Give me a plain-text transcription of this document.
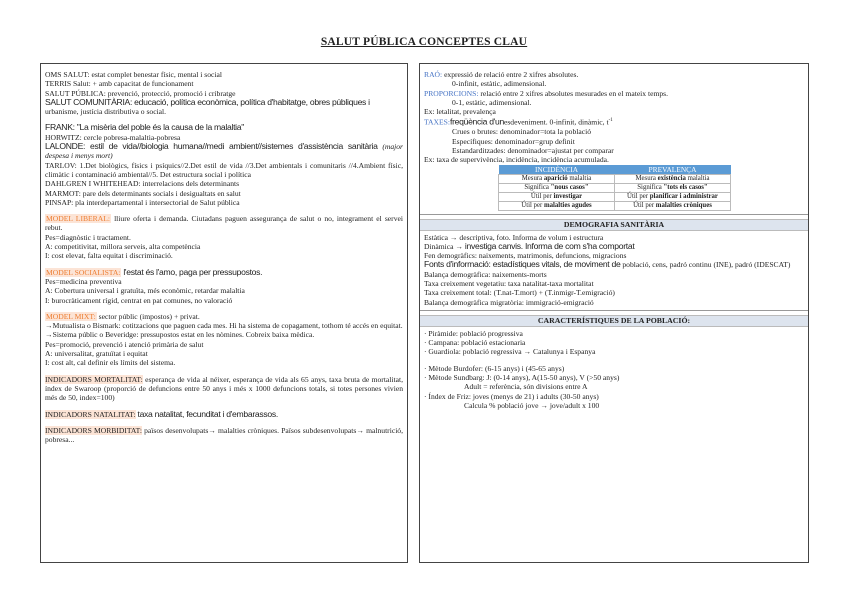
SALUT PÚBLICA CONCEPTES CLAU
OMS SALUT: estat complet benestar físic, mental i social
TERRIS Salut: + amb capacitat de funcionament
SALUT PÚBLICA: prevenció, protecció, promoció i cribratge
SALUT COMUNITÀRIA: educació, política econòmica, política d'habitatge, obres públiques i
urbanisme, justícia distributiva o social.
FRANK: "La misèria del poble és la causa de la malaltia"
HORWITZ: cercle pobresa-malaltia-pobresa
LALONDE: estil de vida//biologia humana//medi ambient//sistemes d'assistència sanitària (major despesa i menys mort)
TARLOV: 1.Det biològics, físics i psíquics//2.Det estil de vida //3.Det ambientals i comunitaris //4.Ambient físic, climàtic i contaminació ambiental//5. Det estructura social i política
DAHLGREN I WHITEHEAD: interrelacions dels determinants
MARMOT: pare dels determinants socials i desigualtats en salut
PINSAP: pla interdepartamental i intersectorial de Salut pública
MODEL LIBERAL: lliure oferta i demanda. Ciutadans paguen assegurança de salut o no, integrament el servei rebut.
Pes=diagnòstic i tractament.
A: competitivitat, millora serveis, alta competència
I: cost elevat, falta equitat i discriminació.
MODEL SOCIALISTA: l'estat és l'amo, paga per pressupostos.
Pes=medicina preventiva
A: Cobertura universal i gratuïta, més econòmic, retardar malaltia
I: burocràticament rígid, centrat en pat comunes, no valoració
MODEL MIXT: sector públic (impostos) + privat.
→Mutualista o Bismark: cotitzacions que paguen cada mes. Hi ha sistema de copagament, tothom té accés en equitat.
→Sistema públic o Beveridge: pressupostos estat en les nòmines. Cobreix baixa mèdica.
Pes=promoció, prevenció i atenció primària de salut
A: universalitat, gratuïtat i equitat
I: cost alt, cal definir els límits del sistema.
INDICADORS MORTALITAT: esperança de vida al néixer, esperança de vida als 65 anys, taxa bruta de mortalitat, índex de Swaroop (proporció de defuncions entre 50 anys i més x 1000 defuncions totals, si totes persones vivien més de 50, index=100)
INDICADORS NATALITAT: taxa natalitat, fecunditat i d'embarassos.
INDICADORS MORBIDITAT: països desenvolupats→ malalties cròniques. Països subdesenvolupats→ malnutrició, pobresa...
RAÓ: expressió de relació entre 2 xifres absolutes.
0-infinit, estàtic, adimensional.
PROPORCIONS: relació entre 2 xifres absolutes mesurades en el mateix temps.
0-1, estàtic, adimensional.
Ex: letalitat, prevalença
TAXES:freqüència d'unesdeveniment. 0-infinit, dinàmic, $t^{-1}$
Crues o brutes: denominador=tota la població
Específiques: denominador=grup definit
Estandarditzades: denominador=ajustat per comparar
Ex: taxa de supervivència, incidència, incidència acumulada.
INCIDÈNCIA	PREVALENÇA
Mesura aparició malaltia	Mesura existència malaltia
Significa "nous casos"	Significa "tots els casos"
Útil per investigar	Útil per planificar i administrar
Útil per malalties agudes	Útil per malalties cròniques
DEMOGRAFIA SANITÀRIA
Estàtica → descriptiva, foto. Informa de volum i estructura
Dinàmica → investiga canvis. Informa de com s'ha comportat
Fen demogràfics: naixements, matrimonis, defuncions, migracions
Fonts d'informació: estadístiques vitals, de moviment de població, cens, padró continu (INE), padró (IDESCAT)
Balança demogràfica: naixements-morts
Taxa creixement vegetatiu: taxa natalitat-taxa mortalitat
Taxa creixement total: (T.nat-T.mort) + (T.inmigr-T.emigració)
Balança demogràfica migratòria: immigració-emigració
CARACTERÍSTIQUES DE LA POBLACIÓ:
· Piràmide: població progressiva
· Campana: població estacionaria
· Guardiola: població regressiva → Catalunya i Espanya
· Mètode Burdofer: (6-15 anys) i (45-65 anys)
· Mètode Sundbarg: J: (0-14 anys), A(15-50 anys), V (>50 anys)
Adult = referència, són divisions entre A
· Índex de Friz: joves (menys de 21) i adults (30-50 anys)
Calcula % població jove → jove/adult x 100
